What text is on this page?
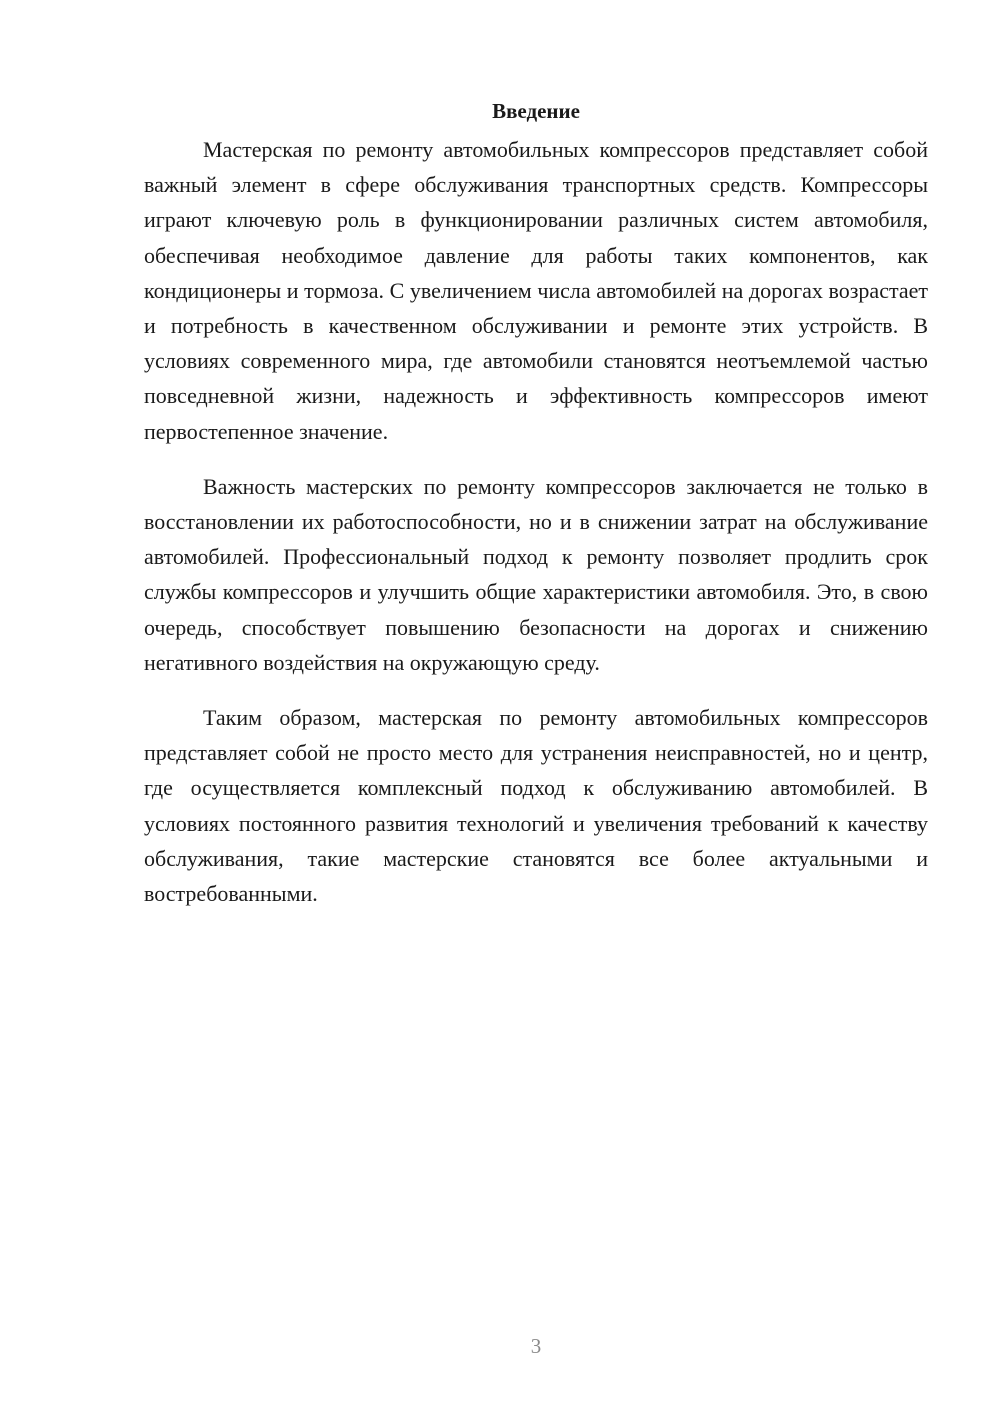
Введение

Мастерская по ремонту автомобильных компрессоров представляет собой важный элемент в сфере обслуживания транспортных средств. Компрессоры играют ключевую роль в функционировании различных систем автомобиля, обеспечивая необходимое давление для работы таких компонентов, как кондиционеры и тормоза. С увеличением числа автомобилей на дорогах возрастает и потребность в качественном обслуживании и ремонте этих устройств. В условиях современного мира, где автомобили становятся неотъемлемой частью повседневной жизни, надежность и эффективность компрессоров имеют первостепенное значение.

Важность мастерских по ремонту компрессоров заключается не только в восстановлении их работоспособности, но и в снижении затрат на обслуживание автомобилей. Профессиональный подход к ремонту позволяет продлить срок службы компрессоров и улучшить общие характеристики автомобиля. Это, в свою очередь, способствует повышению безопасности на дорогах и снижению негативного воздействия на окружающую среду.

Таким образом, мастерская по ремонту автомобильных компрессоров представляет собой не просто место для устранения неисправностей, но и центр, где осуществляется комплексный подход к обслуживанию автомобилей. В условиях постоянного развития технологий и увеличения требований к качеству обслуживания, такие мастерские становятся все более актуальными и востребованными.

3
